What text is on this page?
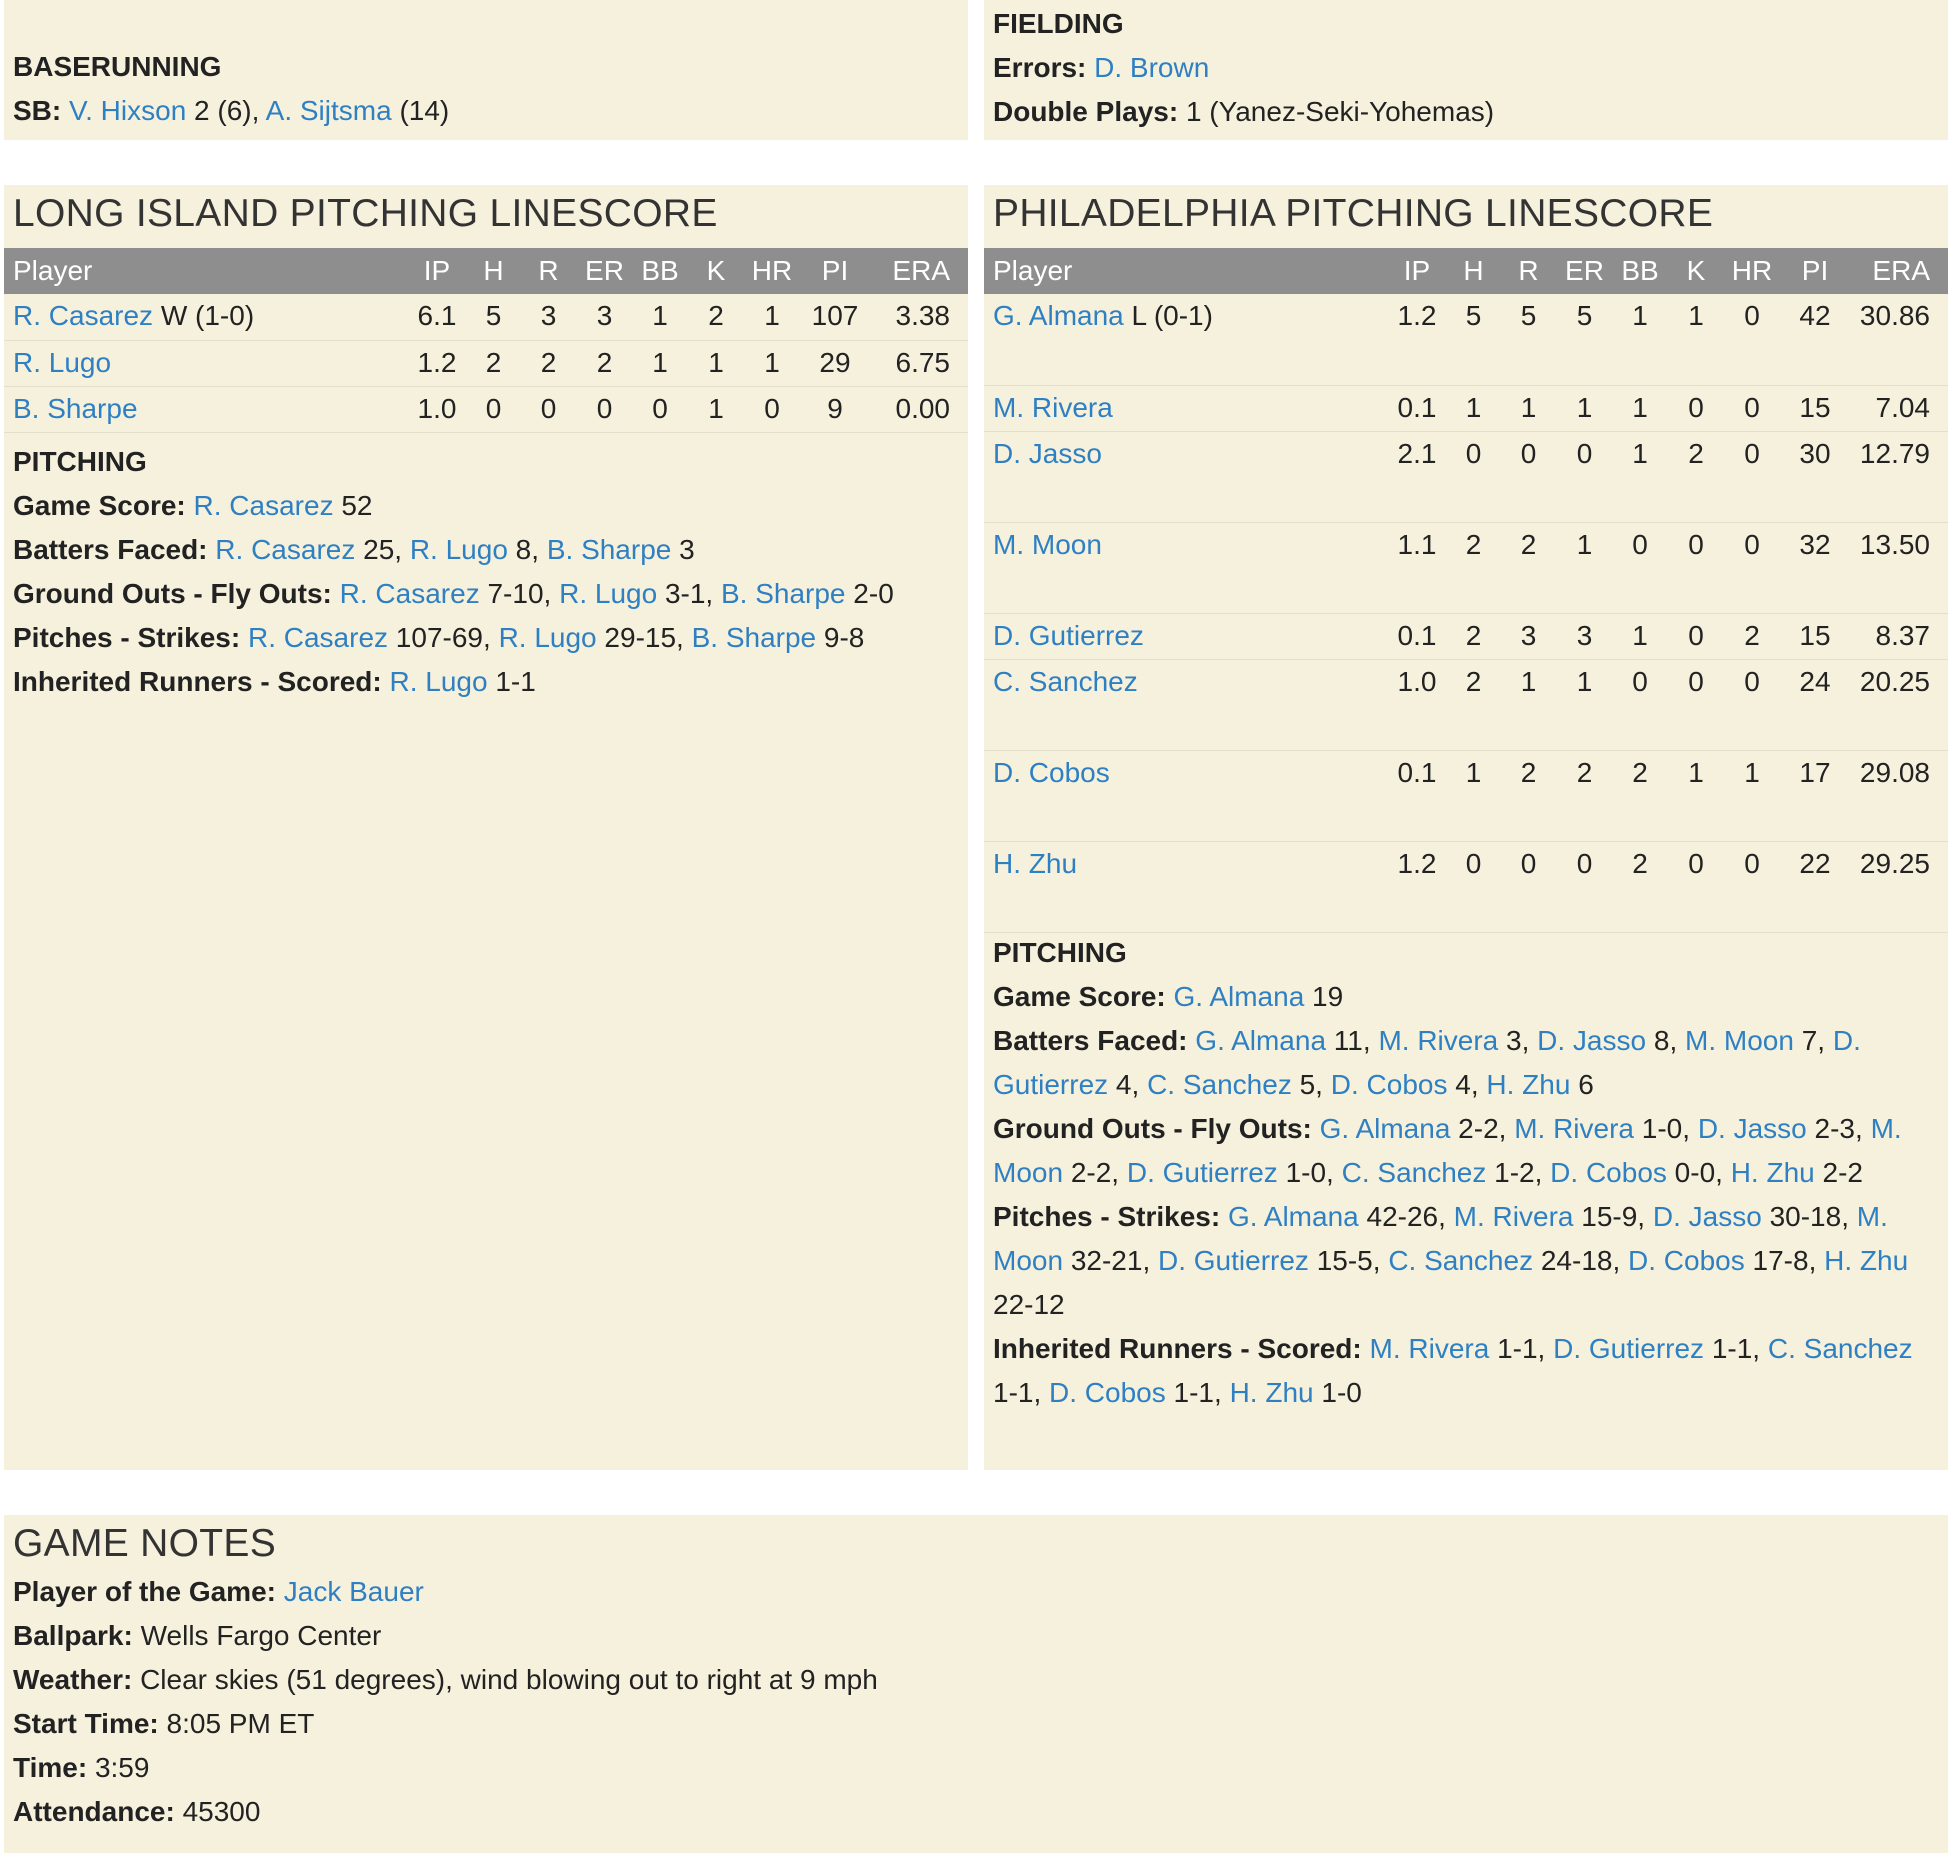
BASERUNNING
SB: V. Hixson 2 (6), A. Sijtsma (14)
FIELDING
Errors: D. Brown
Double Plays: 1 (Yanez-Seki-Yohemas)
LONG ISLAND PITCHING LINESCORE
Player	IP	H	R	ER	BB	K	HR	PI	ERA
R. Casarez W (1-0)	6.1	5	3	3	1	2	1	107	3.38
R. Lugo	1.2	2	2	2	1	1	1	29	6.75
B. Sharpe	1.0	0	0	0	0	1	0	9	0.00
PITCHING
Game Score: R. Casarez 52
Batters Faced: R. Casarez 25, R. Lugo 8, B. Sharpe 3
Ground Outs - Fly Outs: R. Casarez 7-10, R. Lugo 3-1, B. Sharpe 2-0
Pitches - Strikes: R. Casarez 107-69, R. Lugo 29-15, B. Sharpe 9-8
Inherited Runners - Scored: R. Lugo 1-1
PHILADELPHIA PITCHING LINESCORE
Player	IP	H	R	ER	BB	K	HR	PI	ERA
G. Almana L (0-1)	1.2	5	5	5	1	1	0	42	30.86
M. Rivera	0.1	1	1	1	1	0	0	15	7.04
D. Jasso	2.1	0	0	0	1	2	0	30	12.79
M. Moon	1.1	2	2	1	0	0	0	32	13.50
D. Gutierrez	0.1	2	3	3	1	0	2	15	8.37
C. Sanchez	1.0	2	1	1	0	0	0	24	20.25
D. Cobos	0.1	1	2	2	2	1	1	17	29.08
H. Zhu	1.2	0	0	0	2	0	0	22	29.25
PITCHING
Game Score: G. Almana 19
Batters Faced: G. Almana 11, M. Rivera 3, D. Jasso 8, M. Moon 7, D. Gutierrez 4, C. Sanchez 5, D. Cobos 4, H. Zhu 6
Ground Outs - Fly Outs: G. Almana 2-2, M. Rivera 1-0, D. Jasso 2-3, M. Moon 2-2, D. Gutierrez 1-0, C. Sanchez 1-2, D. Cobos 0-0, H. Zhu 2-2
Pitches - Strikes: G. Almana 42-26, M. Rivera 15-9, D. Jasso 30-18, M. Moon 32-21, D. Gutierrez 15-5, C. Sanchez 24-18, D. Cobos 17-8, H. Zhu 22-12
Inherited Runners - Scored: M. Rivera 1-1, D. Gutierrez 1-1, C. Sanchez 1-1, D. Cobos 1-1, H. Zhu 1-0
GAME NOTES
Player of the Game: Jack Bauer
Ballpark: Wells Fargo Center
Weather: Clear skies (51 degrees), wind blowing out to right at 9 mph
Start Time: 8:05 PM ET
Time: 3:59
Attendance: 45300
